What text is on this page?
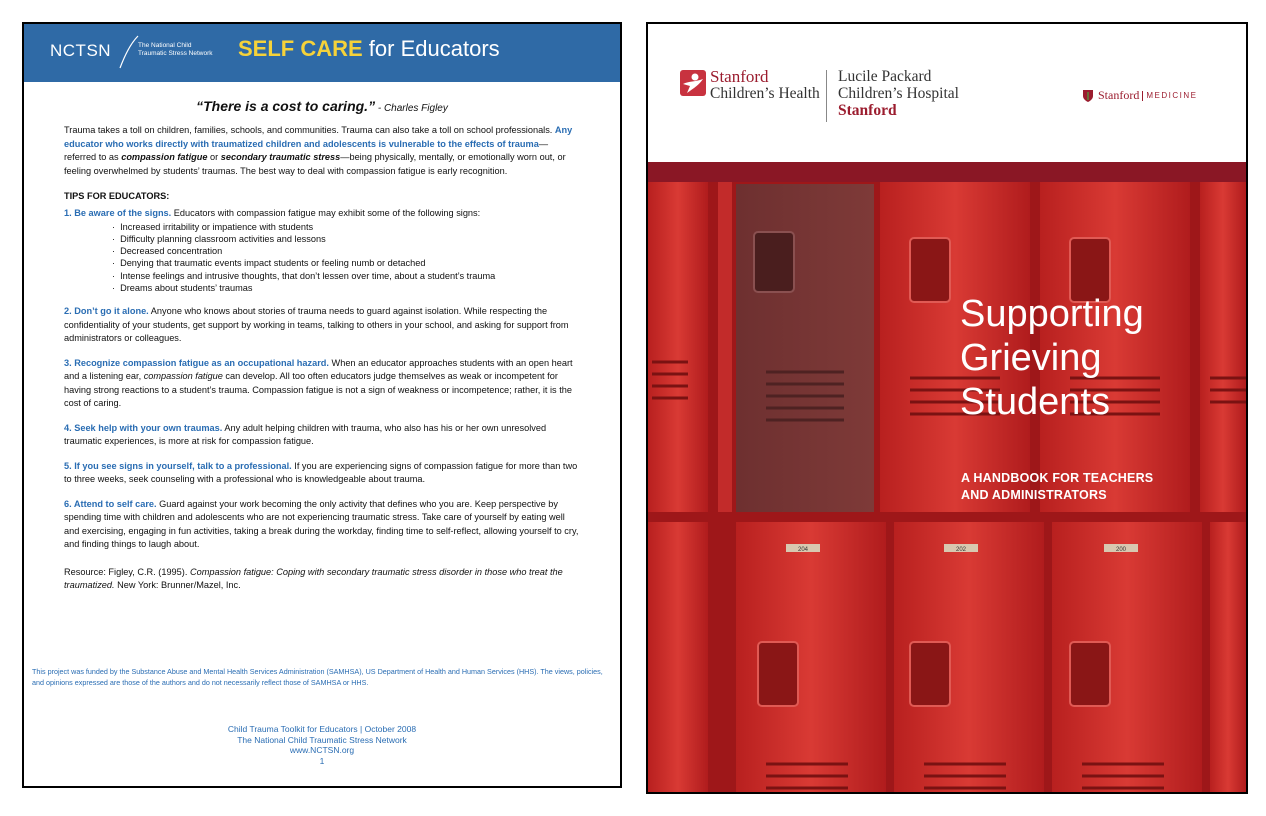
NCTSN	The National Child Traumatic Stress Network SELF CARE for Educators
“There is a cost to caring.” - Charles Figley
Trauma takes a toll on children, families, schools, and communities. Trauma can also take a toll on school professionals. Any educator who works directly with traumatized children and adolescents is vulnerable to the effects of trauma—referred to as compassion fatigue or secondary traumatic stress—being physically, mentally, or emotionally worn out, or feeling overwhelmed by students’ traumas. The best way to deal with compassion fatigue is early recognition.
TIPS FOR EDUCATORS:
1. Be aware of the signs. Educators with compassion fatigue may exhibit some of the following signs:
· Increased irritability or impatience with students
· Difficulty planning classroom activities and lessons
· Decreased concentration
· Denying that traumatic events impact students or feeling numb or detached
· Intense feelings and intrusive thoughts, that don’t lessen over time, about a student’s trauma
· Dreams about students’ traumas
2. Don’t go it alone. Anyone who knows about stories of trauma needs to guard against isolation. While respecting the confidentiality of your students, get support by working in teams, talking to others in your school, and asking for support from administrators or colleagues.
3. Recognize compassion fatigue as an occupational hazard. When an educator approaches students with an open heart and a listening ear, compassion fatigue can develop. All too often educators judge themselves as weak or incompetent for having strong reactions to a student’s trauma. Compassion fatigue is not a sign of weakness or incompetence; rather, it is the cost of caring.
4. Seek help with your own traumas. Any adult helping children with trauma, who also has his or her own unresolved traumatic experiences, is more at risk for compassion fatigue.
5. If you see signs in yourself, talk to a professional. If you are experiencing signs of compassion fatigue for more than two to three weeks, seek counseling with a professional who is knowledgeable about trauma.
6. Attend to self care. Guard against your work becoming the only activity that defines who you are. Keep perspective by spending time with children and adolescents who are not experiencing traumatic stress. Take care of yourself by eating well and exercising, engaging in fun activities, taking a break during the workday, finding time to self-reflect, allowing yourself to cry, and finding things to laugh about.
Resource: Figley, C.R. (1995). Compassion fatigue: Coping with secondary traumatic stress disorder in those who treat the traumatized. New York: Brunner/Mazel, Inc.
This project was funded by the Substance Abuse and Mental Health Services Administration (SAMHSA), US Department of Health and Human Services (HHS). The views, policies, and opinions expressed are those of the authors and do not necessarily reflect those of SAMHSA or HHS.
Child Trauma Toolkit for Educators | October 2008
The National Child Traumatic Stress Network
www.NCTSN.org
1
Stanford
Children’s Health
Lucile Packard
Children’s Hospital
Stanford
Stanford MEDICINE
204	202	200
Supporting
Grieving
Students
A HANDBOOK FOR TEACHERS
AND ADMINISTRATORS
